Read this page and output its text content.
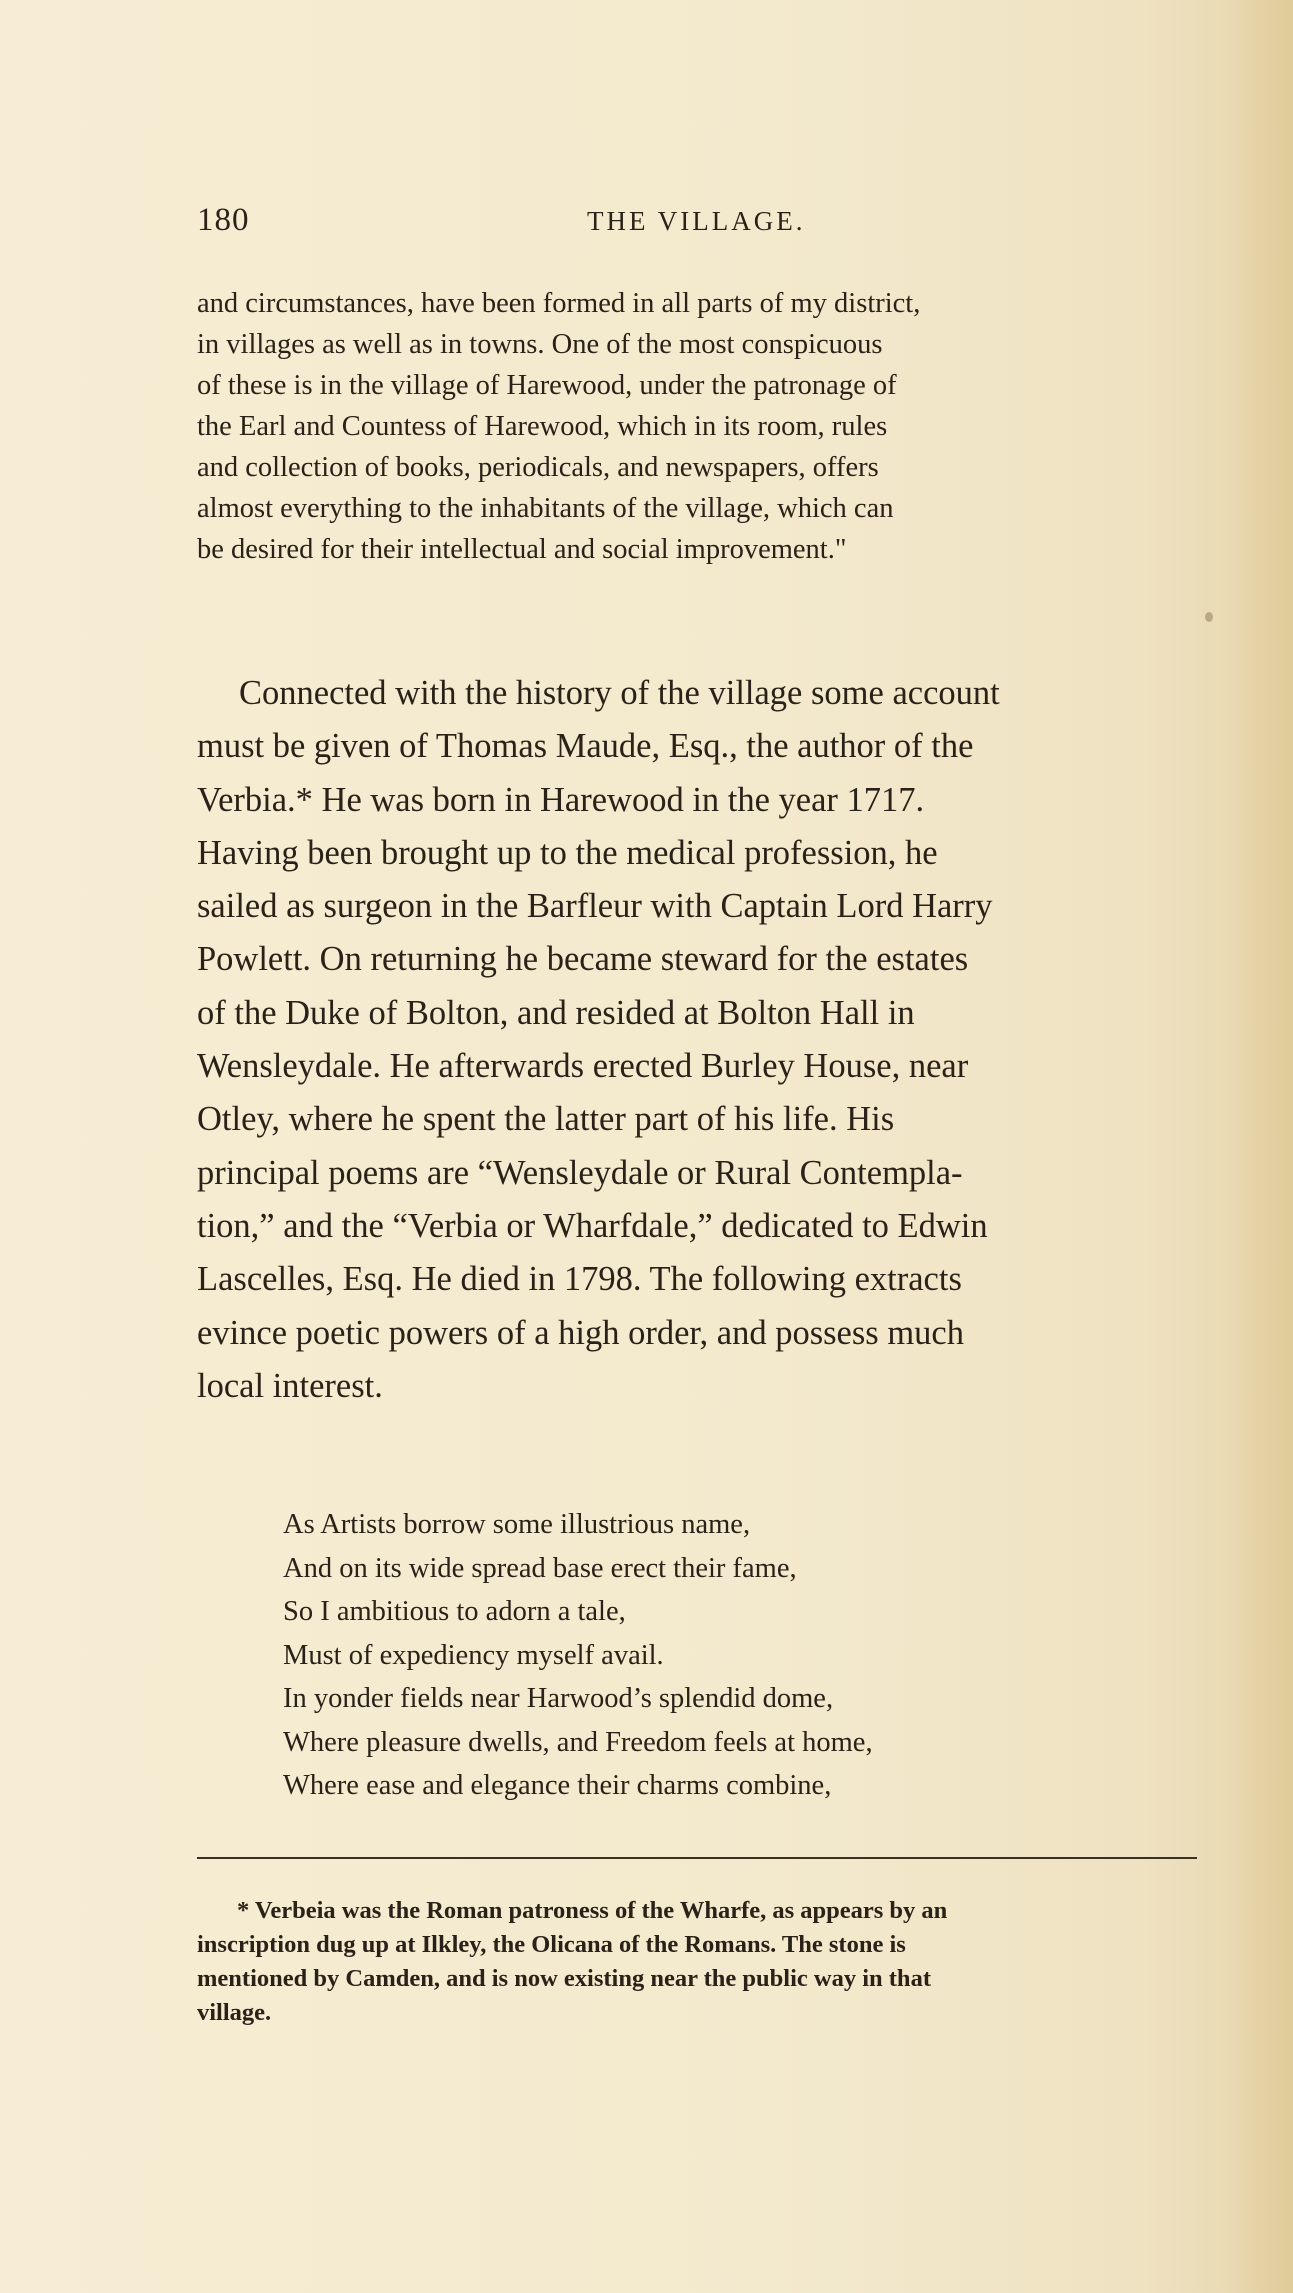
180	THE VILLAGE.
and circumstances, have been formed in all parts of my district,
in villages as well as in towns. One of the most conspicuous
of these is in the village of Harewood, under the patronage of
the Earl and Countess of Harewood, which in its room, rules
and collection of books, periodicals, and newspapers, offers
almost everything to the inhabitants of the village, which can
be desired for their intellectual and social improvement."
Connected with the history of the village some account
must be given of Thomas Maude, Esq., the author of the
Verbia.* He was born in Harewood in the year 1717.
Having been brought up to the medical profession, he
sailed as surgeon in the Barfleur with Captain Lord Harry
Powlett. On returning he became steward for the estates
of the Duke of Bolton, and resided at Bolton Hall in
Wensleydale. He afterwards erected Burley House, near
Otley, where he spent the latter part of his life. His
principal poems are “Wensleydale or Rural Contempla-
tion,” and the “Verbia or Wharfdale,” dedicated to Edwin
Lascelles, Esq. He died in 1798. The following extracts
evince poetic powers of a high order, and possess much
local interest.
As Artists borrow some illustrious name,
And on its wide spread base erect their fame,
So I ambitious to adorn a tale,
Must of expediency myself avail.
In yonder fields near Harwood’s splendid dome,
Where pleasure dwells, and Freedom feels at home,
Where ease and elegance their charms combine,
* Verbeia was the Roman patroness of the Wharfe, as appears by an
inscription dug up at Ilkley, the Olicana of the Romans. The stone is
mentioned by Camden, and is now existing near the public way in that
village.
